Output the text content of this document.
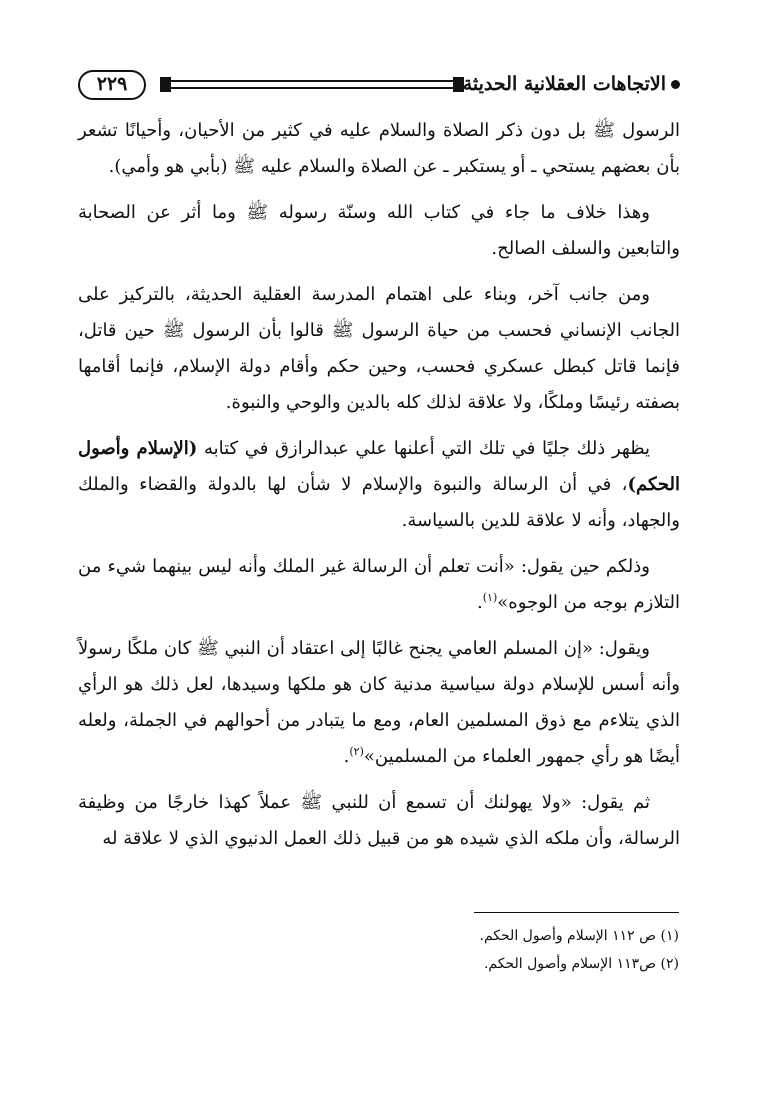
٢٢٩	الاتجاهات العقلانية الحديثة

الرسول ﷺ بل دون ذكر الصلاة والسلام عليه في كثير من الأحيان، وأحيانًا تشعر بأن بعضهم يستحي ـ أو يستكبر ـ عن الصلاة والسلام عليه ﷺ (بأبي هو وأمي).

وهذا خلاف ما جاء في كتاب الله وسنّة رسوله ﷺ وما أثر عن الصحابة والتابعين والسلف الصالح.

ومن جانب آخر، وبناء على اهتمام المدرسة العقلية الحديثة، بالتركيز على الجانب الإنساني فحسب من حياة الرسول ﷺ قالوا بأن الرسول ﷺ حين قاتل، فإنما قاتل كبطل عسكري فحسب، وحين حكم وأقام دولة الإسلام، فإنما أقامها بصفته رئيسًا وملكًا، ولا علاقة لذلك كله بالدين والوحي والنبوة.

يظهر ذلك جليًا في تلك التي أعلنها علي عبدالرازق في كتابه (الإسلام وأصول الحكم)، في أن الرسالة والنبوة والإسلام لا شأن لها بالدولة والقضاء والملك والجهاد، وأنه لا علاقة للدين بالسياسة.

وذلكم حين يقول: «أنت تعلم أن الرسالة غير الملك وأنه ليس بينهما شيء من التلازم بوجه من الوجوه»$^{(١)}$.

ويقول: «إن المسلم العامي يجنح غالبًا إلى اعتقاد أن النبي ﷺ كان ملكًا رسولاً وأنه أسس للإسلام دولة سياسية مدنية كان هو ملكها وسيدها، لعل ذلك هو الرأي الذي يتلاءم مع ذوق المسلمين العام، ومع ما يتبادر من أحوالهم في الجملة، ولعله أيضًا هو رأي جمهور العلماء من المسلمين»$^{(٢)}$.

ثم يقول: «ولا يهولنك أن تسمع أن للنبي ﷺ عملاً كهذا خارجًا من وظيفة الرسالة، وأن ملكه الذي شيده هو من قبيل ذلك العمل الدنيوي الذي لا علاقة له

(١) ص ١١٢ الإسلام وأصول الحكم.
(٢) ص١١٣ الإسلام وأصول الحكم.
